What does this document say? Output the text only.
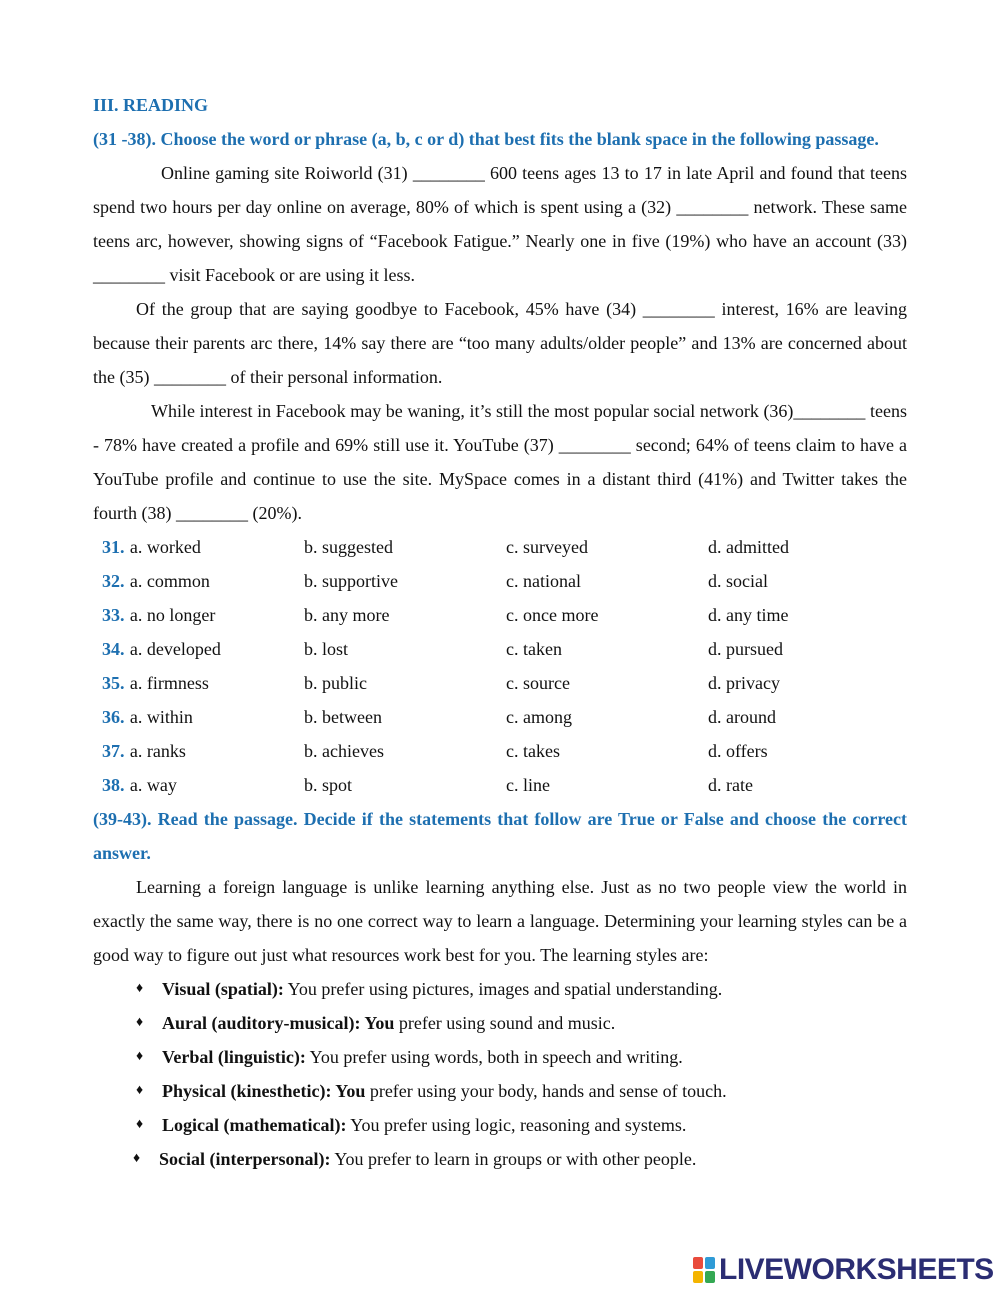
III. READING
(31 -38). Choose the word or phrase (a, b, c or d) that best fits the blank space in the following passage.

Online gaming site Roiworld (31) ________ 600 teens ages 13 to 17 in late April and found that teens spend two hours per day online on average, 80% of which is spent using a (32) ________ network. These same teens arc, however, showing signs of “Facebook Fatigue.” Nearly one in five (19%) who have an account (33) ________ visit Facebook or are using it less.

Of the group that are saying goodbye to Facebook, 45% have (34) ________ interest, 16% are leaving because their parents arc there, 14% say there are “too many adults/older people” and 13% are concerned about the (35) ________ of their personal information.

While interest in Facebook may be waning, it’s still the most popular social network (36)________ teens - 78% have created a profile and 69% still use it. YouTube (37) ________ second; 64% of teens claim to have a YouTube profile and continue to use the site. MySpace comes in a distant third (41%) and Twitter takes the fourth (38) ________ (20%).

31. a. worked	b. suggested	c. surveyed	d. admitted
32. a. common	b. supportive	c. national	d. social
33. a. no longer	b. any more	c. once more	d. any time
34. a. developed	b. lost	c. taken	d. pursued
35. a. firmness	b. public	c. source	d. privacy
36. a. within	b. between	c. among	d. around
37. a. ranks	b. achieves	c. takes	d. offers
38. a. way	b. spot	c. line	d. rate
(39-43). Read the passage. Decide if the statements that follow are True or False and choose the correct answer.

Learning a foreign language is unlike learning anything else. Just as no two people view the world in exactly the same way, there is no one correct way to learn a language. Determining your learning styles can be a good way to figure out just what resources work best for you. The learning styles are:

♦	Visual (spatial): You prefer using pictures, images and spatial understanding.
♦	Aural (auditory-musical): You prefer using sound and music.
♦	Verbal (linguistic): You prefer using words, both in speech and writing.
♦	Physical (kinesthetic): You prefer using your body, hands and sense of touch.
♦	Logical (mathematical): You prefer using logic, reasoning and systems.
♦	Social (interpersonal): You prefer to learn in groups or with other people.
LIVEWORKSHEETS
